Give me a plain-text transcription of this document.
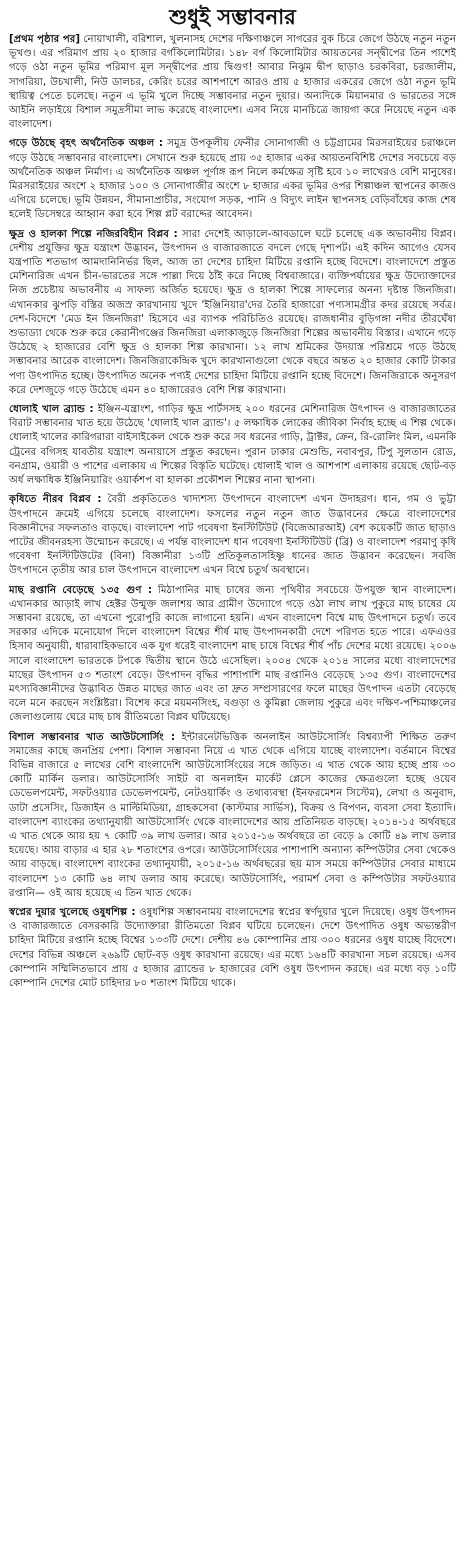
শুধুই সম্ভাবনার

[প্রথম পৃষ্ঠার পর] নোয়াখালী, বরিশাল, খুলনাসহ দেশের দক্ষিণাঞ্চলে সাগরের বুক চিরে জেগে উঠছে নতুন নতুন ভূখণ্ড। এর পরিমাণ প্রায় ২০ হাজার বর্গকিলোমিটার। ১৪৮ বর্গ কিলোমিটার আয়তনের সন্দ্বীপের তিন পাশেই গড়ে ওঠা নতুন ভূমির পরিমাণ মূল সন্দ্বীপের প্রায় দ্বিগুণ! আবার নিঝুম দ্বীপ ছাড়াও চরকবিরা, চরজালীম, সাগরিয়া, উচখালী, নিউ ডালচর, কেরিং চরের আশপাশে আরও প্রায় ৫ হাজার একরের জেগে ওঠা নতুন ভূমি স্থায়িত্ব পেতে চলেছে। নতুন এ ভূমি খুলে দিচ্ছে সম্ভাবনার নতুন দুয়ার। অন্যদিকে মিয়ানমার ও ভারতের সঙ্গে আইনি লড়াইয়ে বিশাল সমুদ্রসীমা লাভ করেছে বাংলাদেশ। এসব নিয়ে মানচিত্রে জায়গা করে নিয়েছে নতুন এক বাংলাদেশ।

গড়ে উঠছে বৃহৎ অর্থনৈতিক অঞ্চল : সমুদ্র উপকূলীয় ফেনীর সোনাগাজী ও চট্টগ্রামের মিরসরাইয়ের চরাঞ্চলে গড়ে উঠছে সম্ভাবনার বাংলাদেশ। সেখানে শুরু হয়েছে প্রায় ৩৫ হাজার একর আয়তনবিশিষ্ট দেশের সবচেয়ে বড় অর্থনৈতিক অঞ্চল নির্মাণ। এ অর্থনৈতিক অঞ্চল পূর্ণাঙ্গ রূপ নিলে কর্মক্ষেত্র সৃষ্টি হবে ১০ লাখেরও বেশি মানুষের। মিরসরাইয়ের অংশে ২ হাজার ১০০ ও সোনাগাজীর অংশে ৮ হাজার একর ভূমির ওপর শিল্পাঞ্চল স্থাপনের কাজও এগিয়ে চলেছে। ভূমি উন্নয়ন, সীমানাপ্রাচীর, সংযোগ সড়ক, পানি ও বিদ্যুৎ লাইন স্থাপনসহ বেড়িবাঁধের কাজ শেষ হলেই ডিসেম্বরে আহ্বান করা হবে শিল্প প্লট বরাদ্দের আবেদন।

ক্ষুদ্র ও হালকা শিল্পে নজিরবিহীন বিপ্লব : সারা দেশেই আড়ালে-আবডালে ঘটে চলেছে এক অভাবনীয় বিপ্লব। দেশীয় প্রযুক্তির ক্ষুদ্র যন্ত্রাংশ উদ্ভাবন, উৎপাদন ও বাজারজাতে বদলে গেছে দৃশ্যপট। এই কদিন আগেও যেসব যন্ত্রপাতি শতভাগ আমদানিনির্ভর ছিল, আজ তা দেশের চাহিদা মিটিয়ে রপ্তানি হচ্ছে বিদেশে। বাংলাদেশে প্রস্তুত মেশিনারিজ এখন চীন-ভারতের সঙ্গে পাল্লা দিয়ে ঠাঁই করে নিচ্ছে বিশ্ববাজারে। ব্যক্তিপর্যায়ের ক্ষুদ্র উদ্যোক্তাদের নিজ প্রচেষ্টায় অভাবনীয় এ সাফল্য অর্জিত হয়েছে। ক্ষুদ্র ও হালকা শিল্পে সাফল্যের অনন্য দৃষ্টান্ত জিনজিরা। এখানকার ঝুপড়ি বস্তির অজস্র কারখানায় খুদে 'ইঞ্জিনিয়ার'দের তৈরি হাজারো পণ্যসামগ্রীর কদর রয়েছে সর্বত্র। দেশ-বিদেশে 'মেড ইন জিনজিরা' হিসেবে এর ব্যাপক পরিচিতিও রয়েছে। রাজধানীর বুড়িগঙ্গা নদীর তীরঘেঁষা শুভাড্যা থেকে শুরু করে কেরানীগঞ্জের জিনজিরা এলাকাজুড়ে জিনজিরা শিল্পের অভাবনীয় বিস্তার। এখানে গড়ে উঠেছে ২ হাজারের বেশি ক্ষুদ্র ও হালকা শিল্প কারখানা। ১২ লাখ শ্রমিকের উদয়াস্ত পরিশ্রমে গড়ে উঠছে সম্ভাবনার আরেক বাংলাদেশ। জিনজিরাকেন্দ্রিক খুদে কারখানাগুলো থেকে বছরে অন্তত ২০ হাজার কোটি টাকার পণ্য উৎপাদিত হচ্ছে। উৎপাদিত অনেক পণ্যই দেশের চাহিদা মিটিয়ে রপ্তানি হচ্ছে বিদেশে। জিনজিরাকে অনুসরণ করে দেশজুড়ে গড়ে উঠেছে এমন ৪০ হাজারেরও বেশি শিল্প কারখানা।

ধোলাই খাল ব্র্যান্ড : ইঞ্জিন-যন্ত্রাংশ, গাড়ির ক্ষুদ্র পার্টসসহ ২০০ ধরনের মেশিনারিজ উৎপাদন ও বাজারজাতের বিরাট সম্ভাবনার খাত হয়ে উঠেছে 'ধোলাই খাল ব্র্যান্ড'। ৫ লক্ষাধিক লোকের জীবিকা নির্বাহ হচ্ছে এ শিল্প থেকে। ধোলাই খালের কারিগরারা বাইসাইকেল থেকে শুরু করে সব ধরনের গাড়ি, ট্রাক্টর, ক্রেন, রি-রোলিং মিল, এমনকি ট্রেনের বগিসহ যাবতীয় যন্ত্রাংশ অনায়াসে প্রস্তুত করছেন। পুরান ঢাকার মেশুন্ডি, নবাবপুর, টিপু সুলতান রোড, বনগ্রাম, ওয়ারী ও পাশের এলাকায় এ শিল্পের বিস্তৃতি ঘটেছে। ধোলাই খাল ও আশপাশ এলাকায় রয়েছে ছোট-বড় অর্ধ লক্ষাধিক ইঞ্জিনিয়ারিং ওয়ার্কশপ বা হালকা প্রকৌশল শিল্পের নানা স্থাপনা।

কৃষিতে নীরব বিপ্লব : বৈরী প্রকৃতিতেও খাদ্যশস্য উৎপাদনে বাংলাদেশ এখন উদাহরণ। ধান, গম ও ভুট্টা উৎপাদনে ক্রমেই এগিয়ে চলেছে বাংলাদেশ। ফসলের নতুন নতুন জাত উদ্ভাবনের ক্ষেত্রে বাংলাদেশের বিজ্ঞানীদের সফলতাও বাড়ছে। বাংলাদেশ পাট গবেষণা ইনস্টিটিউট (বিজেআরআই) বেশ কয়েকটি জাত ছাড়াও পাটের জীবনরহস্য উন্মোচন করেছে। এ পর্যন্ত বাংলাদেশ ধান গবেষণা ইনস্টিটিউট (ব্রি) ও বাংলাদেশ পরমাণু কৃষি গবেষণা ইনস্টিটিউটের (বিনা) বিজ্ঞানীরা ১৩টি প্রতিকূলতাসহিষ্ণু ধানের জাত উদ্ভাবন করেছেন। সবজি উৎপাদনে তৃতীয় আর চাল উৎপাদনে বাংলাদেশ এখন বিশ্বে চতুর্থ অবস্থানে।

মাছ রপ্তানি বেড়েছে ১৩৫ গুণ : মিঠাপানির মাছ চাষের জন্য পৃথিবীর সবচেয়ে উপযুক্ত স্থান বাংলাদেশ। এখানকার আড়াই লাখ হেক্টর উন্মুক্ত জলাশয় আর গ্রামীণ উদ্যোগে গড়ে ওঠা লাখ লাখ পুকুরে মাছ চাষের যে সম্ভাবনা রয়েছে, তা এখনো পুরোপুরি কাজে লাগানো হয়নি। এখন বাংলাদেশ বিশ্বে মাছ উৎপাদনে চতুর্থ। তবে সরকার এদিকে মনোযোগ দিলে বাংলাদেশ বিশ্বের শীর্ষ মাছ উৎপাদনকারী দেশে পরিণত হতে পারে। এফএওর হিসাব অনুযায়ী, ধারাবাহিকভাবে এক যুগ ধরেই বাংলাদেশ মাছ চাষে বিশ্বের শীর্ষ পাঁচ দেশের মধ্যে রয়েছে। ২০০৬ সালে বাংলাদেশ ভারতকে টপকে দ্বিতীয় স্থানে উঠে এসেছিল। ২০০৪ থেকে ২০১৪ সালের মধ্যে বাংলাদেশের মাছের উৎপাদন ৫৩ শতাংশ বেড়ে। উৎপাদন বৃদ্ধির পাশাপাশি মাছ রপ্তানিও বেড়েছে ১৩৫ গুণ। বাংলাদেশের মৎস্যবিজ্ঞানীদের উদ্ভাবিত উন্নত মাছের জাত এবং তা দ্রুত সম্প্রসারণের ফলে মাছের উৎপাদন এতটা বেড়েছে বলে মনে করছেন সংশ্লিষ্টরা। বিশেষ করে ময়মনসিংহ, বগুড়া ও কুমিল্লা জেলায় পুকুরে এবং দক্ষিণ-পশ্চিমাঞ্চলের জেলাগুলোয় ঘেরে মাছ চাষ রীতিমতো বিপ্লব ঘটিয়েছে।

বিশাল সম্ভাবনার খাত আউটসোর্সিং : ইন্টারনেটভিত্তিক অনলাইন আউটসোর্সিং বিশ্বব্যাপী শিক্ষিত তরুণ সমাজের কাছে জনপ্রিয় পেশা। বিশাল সম্ভাবনা নিয়ে এ খাত থেকে এগিয়ে যাচ্ছে বাংলাদেশ। বর্তমানে বিশ্বের বিভিন্ন বাজারে ৫ লাখের বেশি বাংলাদেশি আউটসোর্সিংয়ের সঙ্গে জড়িত। এ খাত থেকে আয় হচ্ছে প্রায় ৩০ কোটি মার্কিন ডলার। আউটসোর্সিং সাইট বা অনলাইন মার্কেট প্লেসে কাজের ক্ষেত্রগুলো হচ্ছে ওয়েব ডেভেলপমেন্ট, সফটওয়্যার ডেভেলপমেন্ট, নেটওয়ার্কিং ও তথ্যব্যবস্থা (ইনফরমেশন সিস্টেম), লেখা ও অনুবাদ, ডাটা প্রসেসিং, ডিজাইন ও মাল্টিমিডিয়া, গ্রাহকসেবা (কাস্টমার সার্ভিস), বিক্রয় ও বিপণন, ব্যবসা সেবা ইত্যাদি। বাংলাদেশ ব্যাংকের তথ্যানুযায়ী আউটসোর্সিং থেকে বাংলাদেশের আয় প্রতিনিয়ত বাড়ছে। ২০১৪-১৫ অর্থবছরে এ খাত থেকে আয় হয় ৭ কোটি ৩৯ লাখ ডলার। আর ২০১৫-১৬ অর্থবছরে তা বেড়ে ৯ কোটি ৪৯ লাখ ডলার হয়েছে। আয় বাড়ার এ হার ২৮ শতাংশের ওপরে। আউটসোর্সিংয়ের পাশাপাশি অন্যান্য কম্পিউটার সেবা থেকেও আয় বাড়ছে। বাংলাদেশ ব্যাংকের তথ্যানুযায়ী, ২০১৫-১৬ অর্থবছরের ছয় মাস সময়ে কম্পিউটার সেবার মাধ্যমে বাংলাদেশ ১৩ কোটি ৬৪ লাখ ডলার আয় করেছে। আউটসোর্সিং, পরামর্শ সেবা ও কম্পিউটার সফটওয়্যার রপ্তানি— ওই আয় হয়েছে এ তিন খাত থেকে।

স্বপ্নের দুয়ার খুলেছে ওষুধশিল্প : ওষুধশিল্প সম্ভাবনাময় বাংলাদেশের স্বপ্নের স্বর্ণদুয়ার খুলে দিয়েছে। ওষুধ উৎপাদন ও বাজারজাতে বেসরকারি উদ্যোক্তারা রীতিমতো বিপ্লব ঘটিয়ে চলেছেন। দেশে উৎপাদিত ওষুধ অভ্যন্তরীণ চাহিদা মিটিয়ে রপ্তানি হচ্ছে বিশ্বের ১৩৩টি দেশে। দেশীয় ৪৬ কোম্পানির প্রায় ৩০০ ধরনের ওষুধ যাচ্ছে বিদেশে। দেশের বিভিন্ন অঞ্চলে ২৬৯টি ছোট-বড় ওষুধ কারখানা রয়েছে। এর মধ্যে ১৬৪টি কারখানা সচল রয়েছে। এসব কোম্পানি সম্মিলিতভাবে প্রায় ৫ হাজার ব্র্যান্ডের ৮ হাজারের বেশি ওষুধ উৎপাদন করছে। এর মধ্যে বড় ১০টি কোম্পানি দেশের মোট চাহিদার ৮০ শতাংশ মিটিয়ে থাকে।
